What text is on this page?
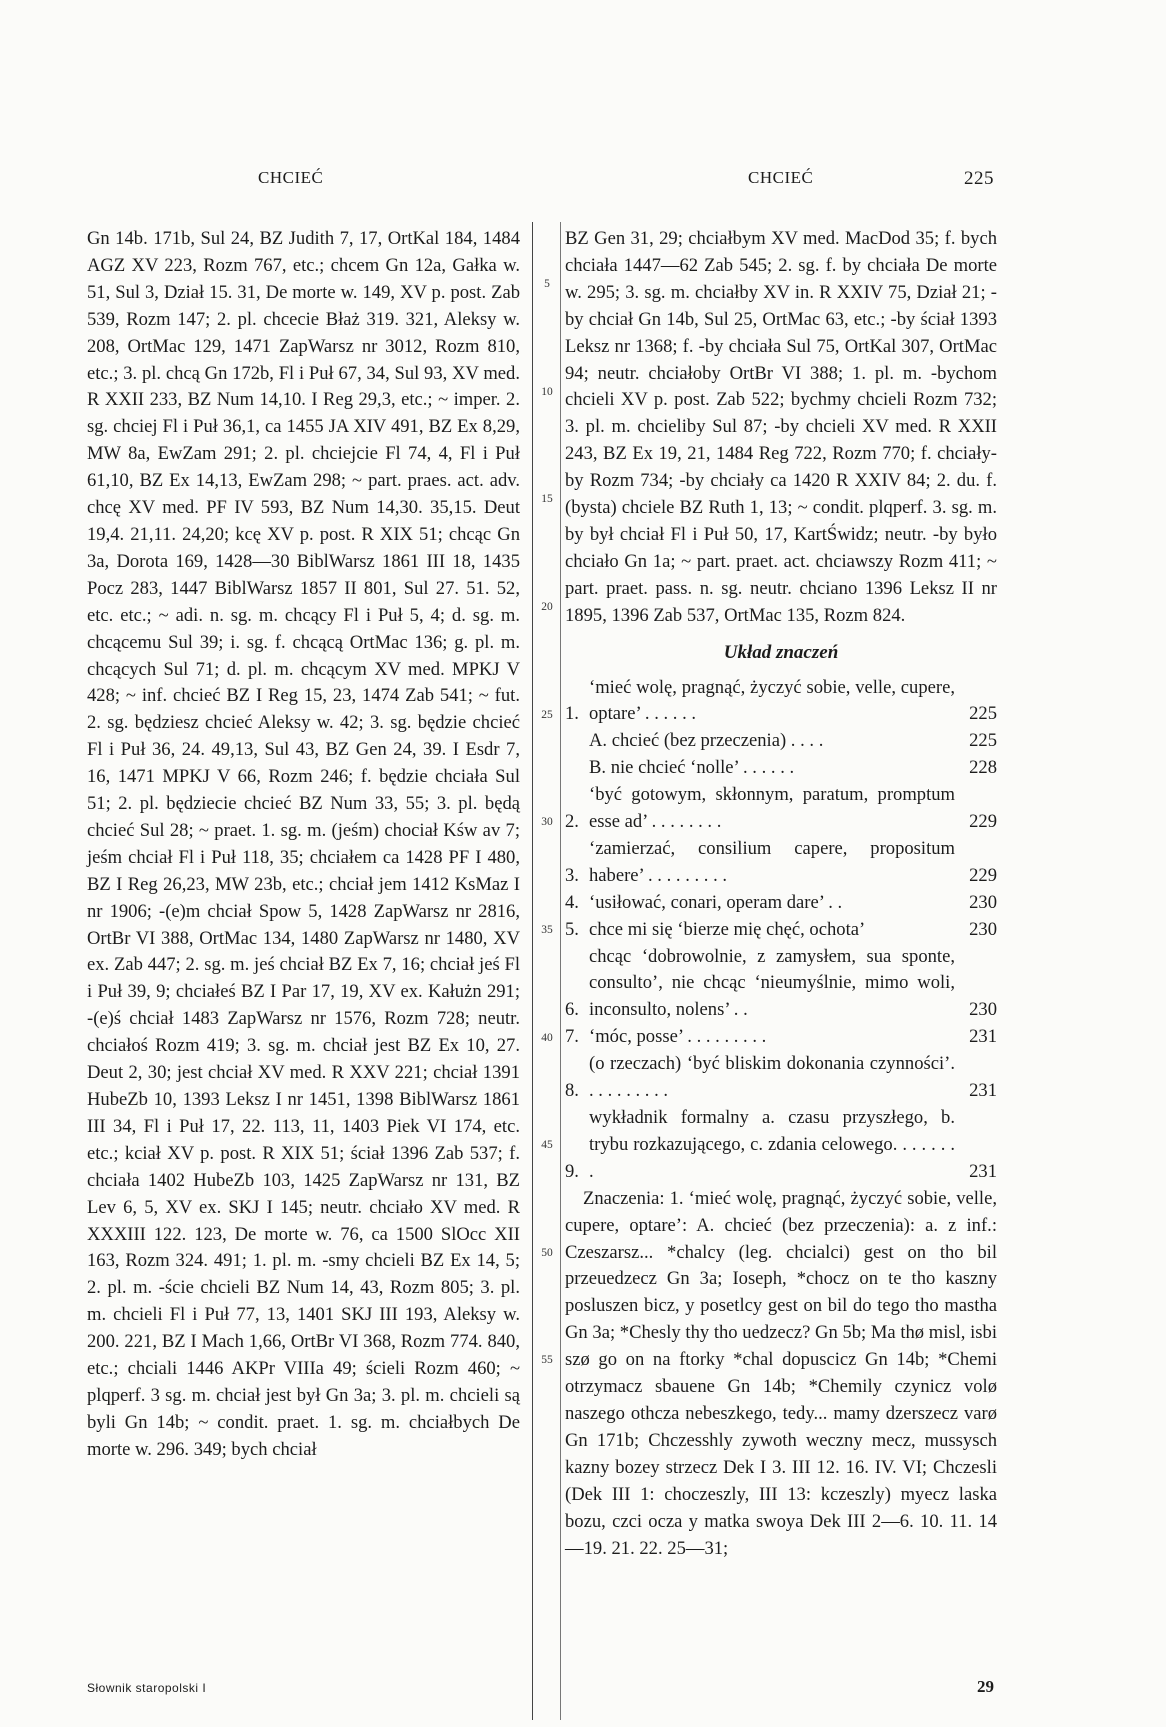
CHCIEĆ	CHCIEĆ	225

Gn 14b. 171b, Sul 24, BZ Judith 7, 17, OrtKal 184, 1484 AGZ XV 223, Rozm 767, etc.; chcem Gn 12a, Gałka w. 51, Sul 3, Dział 15. 31, De morte w. 149, XV p. post. Zab 539, Rozm 147; 2. pl. chcecie Błaż 319. 321, Aleksy w. 208, OrtMac 129, 1471 ZapWarsz nr 3012, Rozm 810, etc.; 3. pl. chcą Gn 172b, Fl i Puł 67, 34, Sul 93, XV med. R XXII 233, BZ Num 14,10. I Reg 29,3, etc.; ~ imper. 2. sg. chciej Fl i Puł 36,1, ca 1455 JA XIV 491, BZ Ex 8,29, MW 8a, EwZam 291; 2. pl. chciejcie Fl 74, 4, Fl i Puł 61,10, BZ Ex 14,13, EwZam 298; ~ part. praes. act. adv. chcę XV med. PF IV 593, BZ Num 14,30. 35,15. Deut 19,4. 21,11. 24,20; kcę XV p. post. R XIX 51; chcąc Gn 3a, Dorota 169, 1428—30 BiblWarsz 1861 III 18, 1435 Pocz 283, 1447 BiblWarsz 1857 II 801, Sul 27. 51. 52, etc. etc.; ~ adi. n. sg. m. chcący Fl i Puł 5, 4; d. sg. m. chcącemu Sul 39; i. sg. f. chcącą OrtMac 136; g. pl. m. chcących Sul 71; d. pl. m. chcącym XV med. MPKJ V 428; ~ inf. chcieć BZ I Reg 15, 23, 1474 Zab 541; ~ fut. 2. sg. będziesz chcieć Aleksy w. 42; 3. sg. będzie chcieć Fl i Puł 36, 24. 49,13, Sul 43, BZ Gen 24, 39. I Esdr 7, 16, 1471 MPKJ V 66, Rozm 246; f. będzie chciała Sul 51; 2. pl. będziecie chcieć BZ Num 33, 55; 3. pl. będą chcieć Sul 28; ~ praet. 1. sg. m. (jeśm) chociał Kśw av 7; jeśm chciał Fl i Puł 118, 35; chciałem ca 1428 PF I 480, BZ I Reg 26,23, MW 23b, etc.; chciał jem 1412 KsMaz I nr 1906; -(e)m chciał Spow 5, 1428 ZapWarsz nr 2816, OrtBr VI 388, OrtMac 134, 1480 ZapWarsz nr 1480, XV ex. Zab 447; 2. sg. m. jeś chciał BZ Ex 7, 16; chciał jeś Fl i Puł 39, 9; chciałeś BZ I Par 17, 19, XV ex. Kałużn 291; -(e)ś chciał 1483 ZapWarsz nr 1576, Rozm 728; neutr. chciałoś Rozm 419; 3. sg. m. chciał jest BZ Ex 10, 27. Deut 2, 30; jest chciał XV med. R XXV 221; chciał 1391 HubeZb 10, 1393 Leksz I nr 1451, 1398 BiblWarsz 1861 III 34, Fl i Puł 17, 22. 113, 11, 1403 Piek VI 174, etc. etc.; kciał XV p. post. R XIX 51; ściał 1396 Zab 537; f. chciała 1402 HubeZb 103, 1425 ZapWarsz nr 131, BZ Lev 6, 5, XV ex. SKJ I 145; neutr. chciało XV med. R XXXIII 122. 123, De morte w. 76, ca 1500 SlOcc XII 163, Rozm 324. 491; 1. pl. m. -smy chcieli BZ Ex 14, 5; 2. pl. m. -ście chcieli BZ Num 14, 43, Rozm 805; 3. pl. m. chcieli Fl i Puł 77, 13, 1401 SKJ III 193, Aleksy w. 200. 221, BZ I Mach 1,66, OrtBr VI 368, Rozm 774. 840, etc.; chciali 1446 AKPr VIIIa 49; ścieli Rozm 460; ~ plqperf. 3 sg. m. chciał jest był Gn 3a; 3. pl. m. chcieli są byli Gn 14b; ~ condit. praet. 1. sg. m. chciałbych De morte w. 296. 349; bych chciał

5
10
15
20
25
30
35
40
45
50
55

BZ Gen 31, 29; chciałbym XV med. MacDod 35; f. bych chciała 1447—62 Zab 545; 2. sg. f. by chciała De morte w. 295; 3. sg. m. chciałby XV in. R XXIV 75, Dział 21; -by chciał Gn 14b, Sul 25, OrtMac 63, etc.; -by ściał 1393 Leksz nr 1368; f. -by chciała Sul 75, OrtKal 307, OrtMac 94; neutr. chciałoby OrtBr VI 388; 1. pl. m. -bychom chcieli XV p. post. Zab 522; bychmy chcieli Rozm 732; 3. pl. m. chcieliby Sul 87; -by chcieli XV med. R XXII 243, BZ Ex 19, 21, 1484 Reg 722, Rozm 770; f. chciały-by Rozm 734; -by chciały ca 1420 R XXIV 84; 2. du. f. (bysta) chciele BZ Ruth 1, 13; ~ condit. plqperf. 3. sg. m. by był chciał Fl i Puł 50, 17, KartŚwidz; neutr. -by było chciało Gn 1a; ~ part. praet. act. chciawszy Rozm 411; ~ part. praet. pass. n. sg. neutr. chciano 1396 Leksz II nr 1895, 1396 Zab 537, OrtMac 135, Rozm 824.

Układ znaczeń
1.
‘mieć wolę, pragnąć, życzyć sobie, velle, cupere, optare’ . . . . . .	225
A. chcieć (bez przeczenia) . . . .	225
B. nie chcieć ‘nolle’ . . . . . .	228
2.
‘być gotowym, skłonnym, paratum, promptum esse ad’ . . . . . . . .	229
3.
‘zamierzać, consilium capere, propositum habere’ . . . . . . . . .	229
4. ‘usiłować, conari, operam dare’ . .	230
5. chce mi się ‘bierze mię chęć, ochota’	230
6.
chcąc ‘dobrowolnie, z zamysłem, sua sponte, consulto’, nie chcąc ‘nieumyślnie, mimo woli, inconsulto, nolens’ . .	230
7. ‘móc, posse’ . . . . . . . . .	231
8.
(o rzeczach) ‘być bliskim dokonania czynności’. . . . . . . . . .	231
9.
wykładnik formalny a. czasu przyszłego, b. trybu rozkazującego, c. zdania celowego. . . . . . . .	231

Znaczenia: 1. ‘mieć wolę, pragnąć, życzyć sobie, velle, cupere, optare’: A. chcieć (bez przeczenia): a. z inf.: Czeszarsz... *chalcy (leg. chcialci) gest on tho bil przeuedzecz Gn 3a; Ioseph, *chocz on te tho kaszny posluszen bicz, y posetlcy gest on bil do tego tho mastha Gn 3a; *Chesly thy tho uedzecz? Gn 5b; Ma thø misl, isbi szø go on na ftorky *chal dopuscicz Gn 14b; *Chemi otrzymacz sbauene Gn 14b; *Chemily czynicz volø naszego othcza nebeszkego, tedy... mamy dzerszecz varø Gn 171b; Chczesshly zywoth weczny mecz, mussysch kazny bozey strzecz Dek I 3. III 12. 16. IV. VI; Chczesli (Dek III 1: choczeszly, III 13: kczeszly) myecz laska bozu, czci ocza y matka swoya Dek III 2—6. 10. 11. 14—19. 21. 22. 25—31;

Słownik staropolski I	29
